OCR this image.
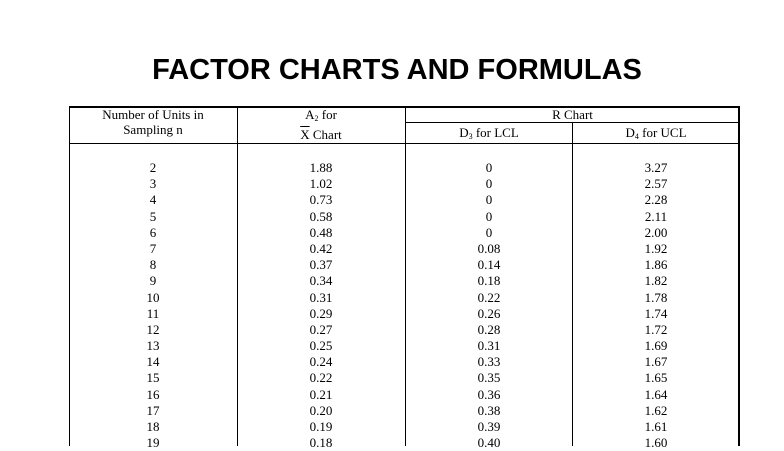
FACTOR CHARTS AND FORMULAS
Number of Units in
Sampling n
$A_2$ for
$\overline{X}$ Chart
R Chart
$D_3$ for LCL	$D_4$ for UCL
2
3
4
5
6
7
8
9
10
11
12
13
14
15
16
17
18
19
1.88
1.02
0.73
0.58
0.48
0.42
0.37
0.34
0.31
0.29
0.27
0.25
0.24
0.22
0.21
0.20
0.19
0.18
0
0
0
0
0
0.08
0.14
0.18
0.22
0.26
0.28
0.31
0.33
0.35
0.36
0.38
0.39
0.40
3.27
2.57
2.28
2.11
2.00
1.92
1.86
1.82
1.78
1.74
1.72
1.69
1.67
1.65
1.64
1.62
1.61
1.60
